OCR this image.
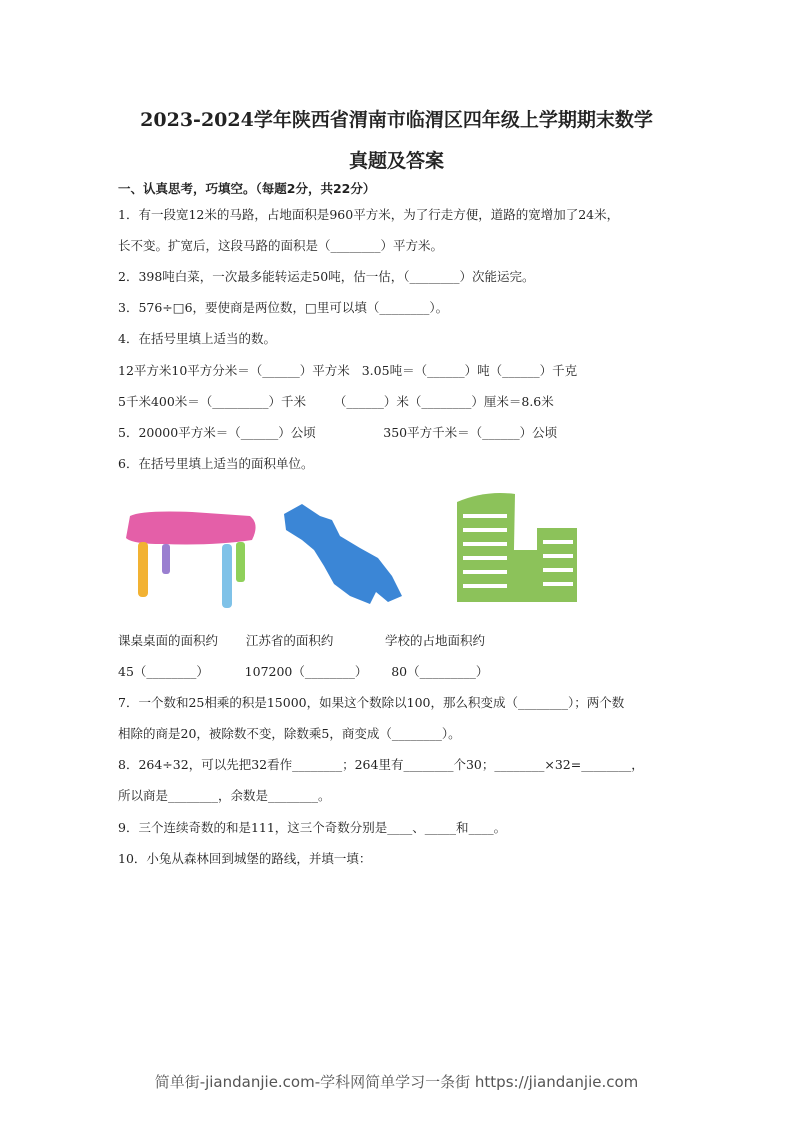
2023-2024学年陕西省渭南市临渭区四年级上学期期末数学
真题及答案
一、认真思考，巧填空。（每题2分，共22分）
1．有一段宽12米的马路，占地面积是960平方米，为了行走方便，道路的宽增加了24米，
长不变。扩宽后，这段马路的面积是（________）平方米。
2．398吨白菜，一次最多能转运走50吨，估一估，（________）次能运完。
3．576÷□6，要使商是两位数，□里可以填（________）。
4．在括号里填上适当的数。
12平方米10平方分米＝（______）平方米   3.05吨＝（______）吨（______）千克
5千米400米＝（_________）千米       （______）米（________）厘米＝8.6米
5．20000平方米＝（______）公顷                 350平方千米＝（______）公顷
6．在括号里填上适当的面积单位。
课桌桌面的面积约       江苏省的面积约             学校的占地面积约
45（________）         107200（________）      80（_________）
7．一个数和25相乘的积是15000，如果这个数除以100，那么积变成（________）；两个数
相除的商是20，被除数不变，除数乘5，商变成（________）。
8．264÷32，可以先把32看作________；264里有________个30；________×32=________，
所以商是________，余数是________。
9．三个连续奇数的和是111，这三个奇数分别是____、_____和____。
10．小兔从森林回到城堡的路线，并填一填：
简单街-jiandanjie.com-学科网简单学习一条街 https://jiandanjie.com
